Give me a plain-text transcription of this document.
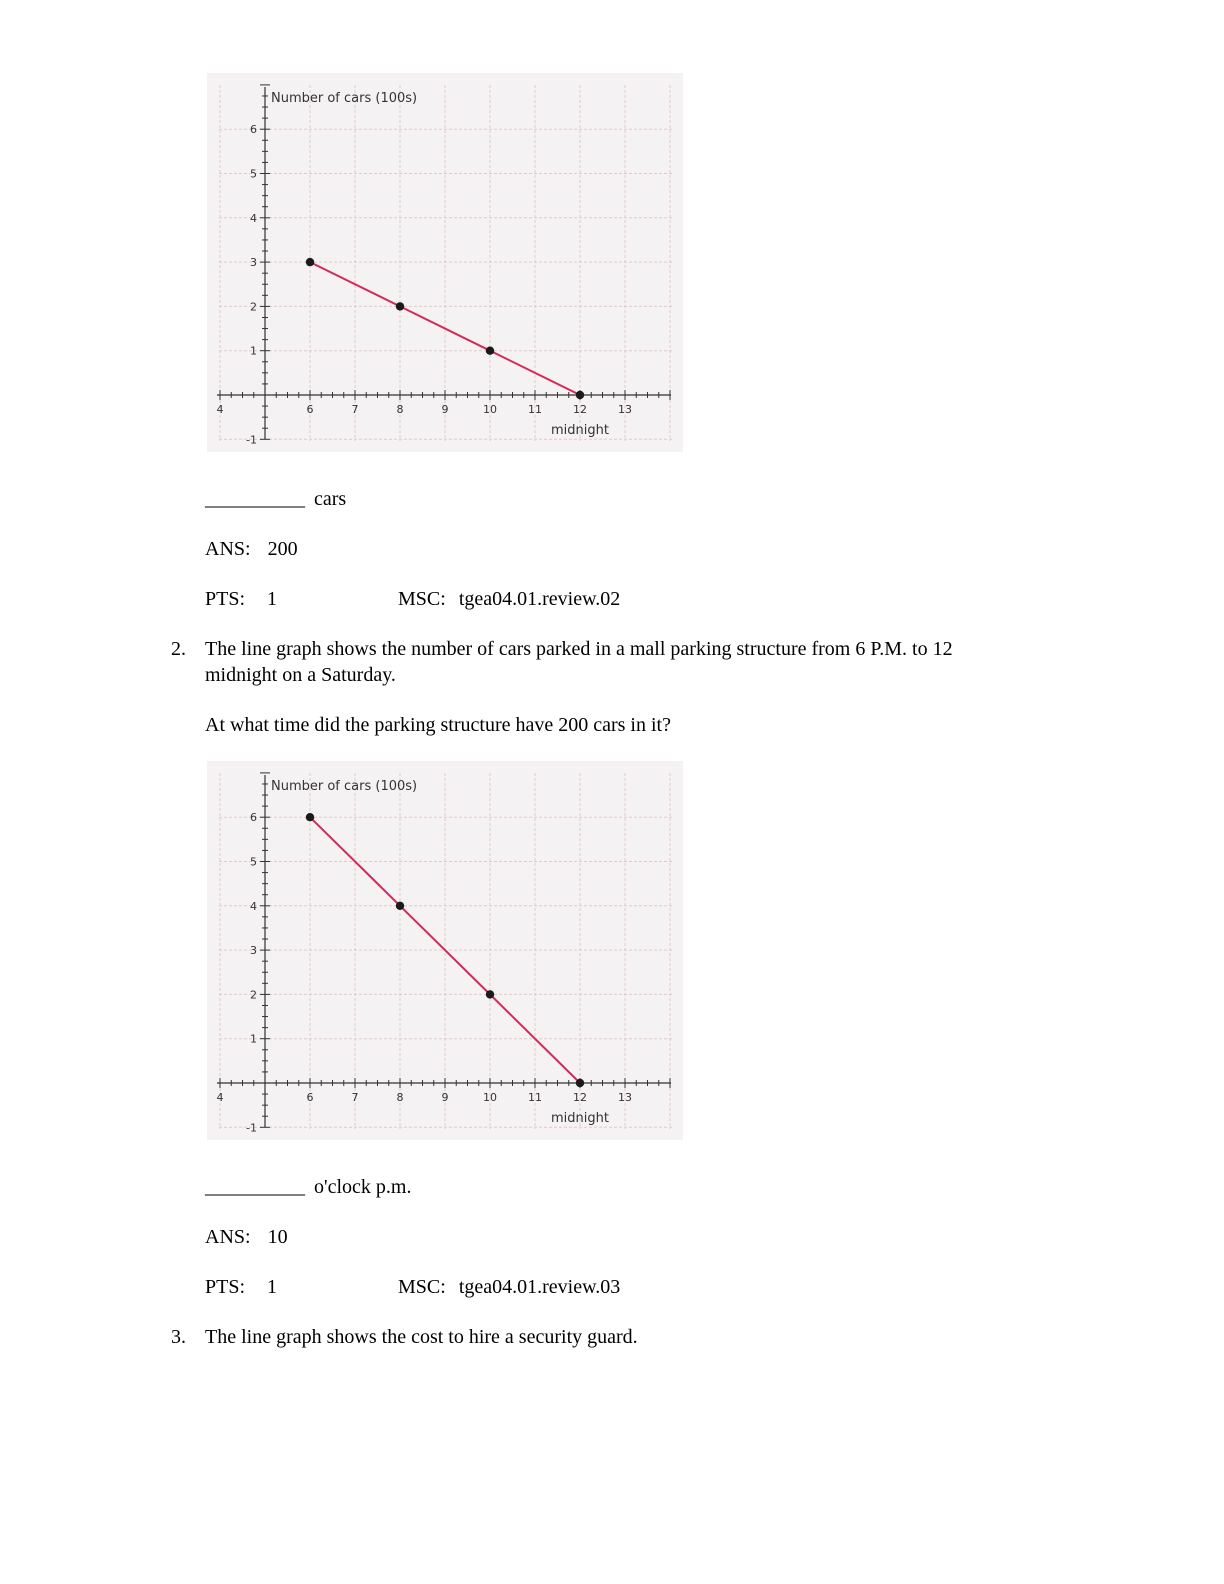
4	6	7	8	9	10	11	12	13
-1
1
2
3
4
5
6
Number of cars (100s)
midnight
__________ cars
ANS: 200
PTS: 1	MSC: tgea04.01.review.02
2. The line graph shows the number of cars parked in a mall parking structure from 6 P.M. to 12
midnight on a Saturday.
At what time did the parking structure have 200 cars in it?
4	6	7	8	9	10	11	12	13
-1
1
2
3
4
5
6
Number of cars (100s)
midnight
__________ o'clock p.m.
ANS: 10
PTS: 1	MSC: tgea04.01.review.03
3. The line graph shows the cost to hire a security guard.
